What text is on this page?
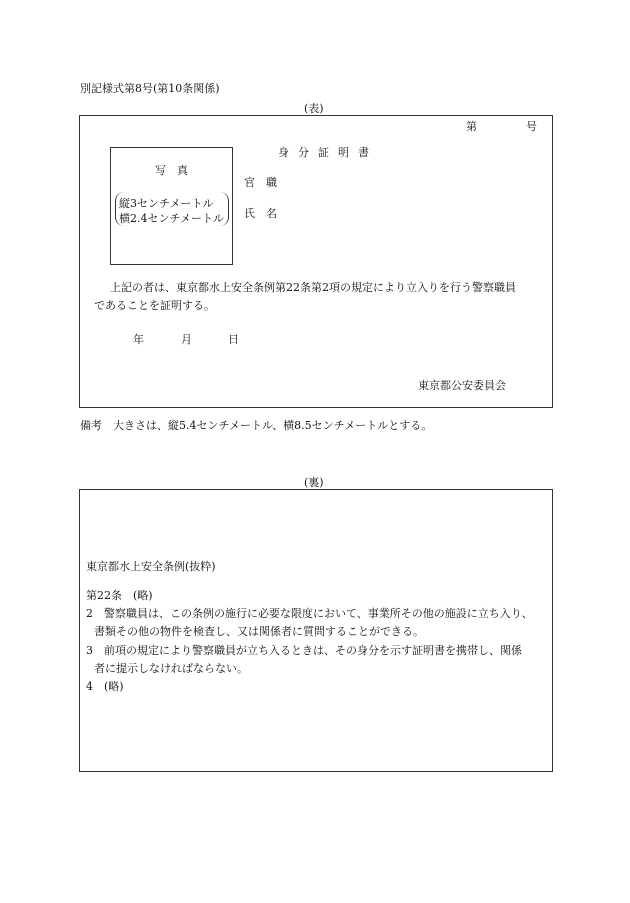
別記様式第8号(第10条関係)
(表)
第	号
身分証明書
写　真
縦3センチメートル
横2.4センチメートル
官　職
氏　名
上記の者は、東京都水上安全条例第22条第2項の規定により立入りを行う警察職員
であることを証明する。
年	月	日
東京都公安委員会
備考　大きさは、縦5.4センチメートル、横8.5センチメートルとする。
(裏)
東京都水上安全条例(抜粋)
第22条　(略)
2　警察職員は、この条例の施行に必要な限度において、事業所その他の施設に立ち入り、
書類その他の物件を検査し、又は関係者に質問することができる。
3　前項の規定により警察職員が立ち入るときは、その身分を示す証明書を携帯し、関係
者に提示しなければならない。
4　(略)
